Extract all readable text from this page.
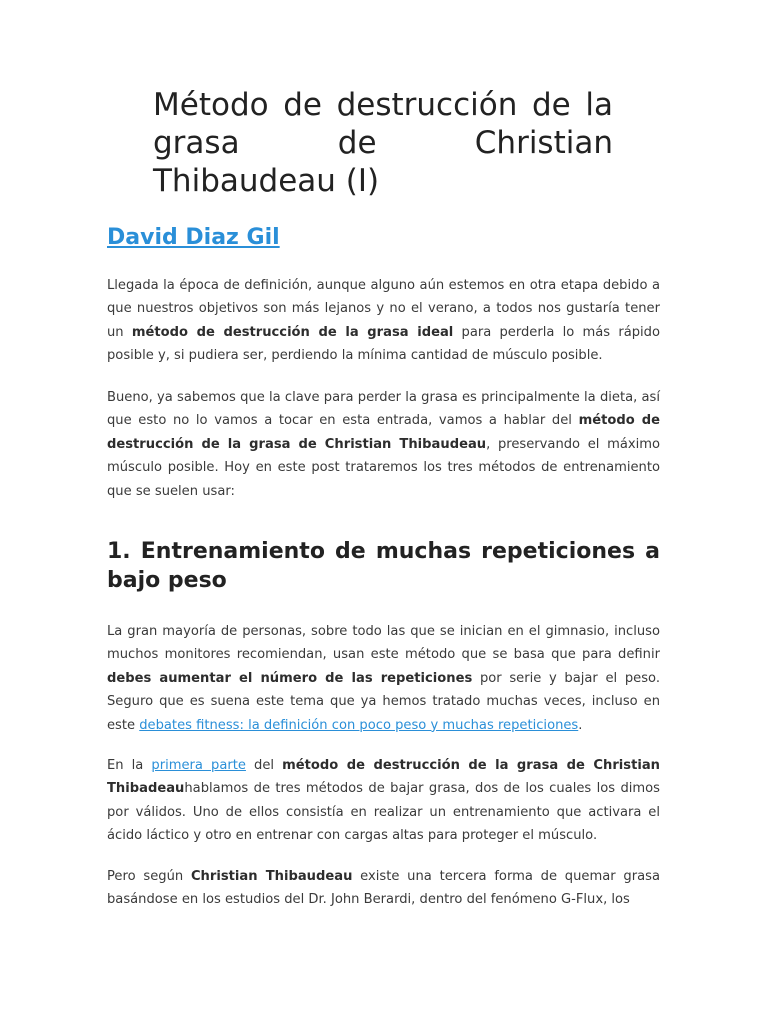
Método de destrucción de la grasa de Christian Thibaudeau (I)
David Diaz Gil

Llegada la época de definición, aunque alguno aún estemos en otra etapa debido a que nuestros objetivos son más lejanos y no el verano, a todos nos gustaría tener un método de destrucción de la grasa ideal para perderla lo más rápido posible y, si pudiera ser, perdiendo la mínima cantidad de músculo posible.

Bueno, ya sabemos que la clave para perder la grasa es principalmente la dieta, así que esto no lo vamos a tocar en esta entrada, vamos a hablar del método de destrucción de la grasa de Christian Thibaudeau, preservando el máximo músculo posible. Hoy en este post trataremos los tres métodos de entrenamiento que se suelen usar:

1. Entrenamiento de muchas repeticiones a bajo peso

La gran mayoría de personas, sobre todo las que se inician en el gimnasio, incluso muchos monitores recomiendan, usan este método que se basa que para definir debes aumentar el número de las repeticiones por serie y bajar el peso. Seguro que es suena este tema que ya hemos tratado muchas veces, incluso en este debates fitness: la definición con poco peso y muchas repeticiones.

En la primera parte del método de destrucción de la grasa de Christian Thibadeauhablamos de tres métodos de bajar grasa, dos de los cuales los dimos por válidos. Uno de ellos consistía en realizar un entrenamiento que activara el ácido láctico y otro en entrenar con cargas altas para proteger el músculo.

Pero según Christian Thibaudeau existe una tercera forma de quemar grasa basándose en los estudios del Dr. John Berardi, dentro del fenómeno G-Flux, los
